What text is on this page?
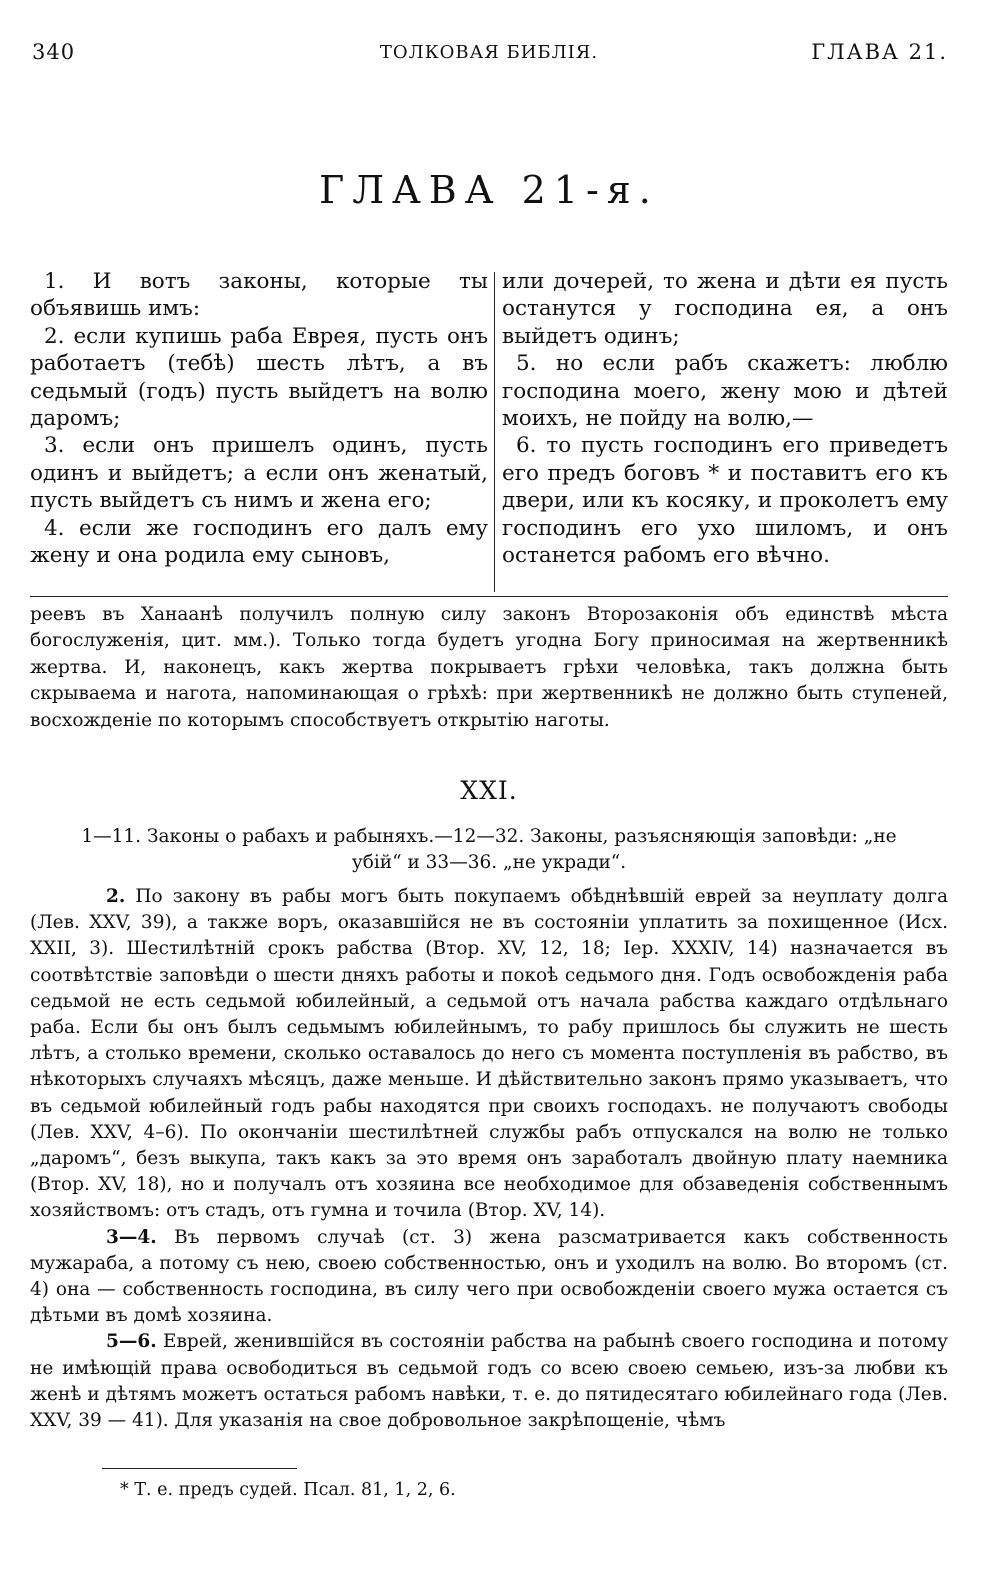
340	ТОЛКОВАЯ БИБЛІЯ.	ГЛАВА 21.
ГЛАВА 21-я.

1. И вотъ законы, которые ты объявишь имъ:

2. если купишь раба Еврея, пусть онъ работаетъ (тебѣ) шесть лѣтъ, а въ седьмый (годъ) пусть выйдетъ на волю даромъ;

3. если онъ пришелъ одинъ, пусть одинъ и выйдетъ; а если онъ женатый, пусть выйдетъ съ нимъ и жена его;

4. если же господинъ его далъ ему жену и она родила ему сыновъ,

или дочерей, то жена и дѣти ея пусть останутся у господина ея, а онъ выйдетъ одинъ;

5. но если рабъ скажетъ: люблю господина моего, жену мою и дѣтей моихъ, не пойду на волю,—

6. то пусть господинъ его приведетъ его предъ боговъ * и поставитъ его къ двери, или къ косяку, и проколетъ ему господинъ его ухо шиломъ, и онъ останется рабомъ его вѣчно.

реевъ въ Ханаанѣ получилъ полную силу законъ Второзаконія объ единствѣ мѣста богослуженія, цит. мм.). Только тогда будетъ угодна Богу приносимая на жертвенникѣ жертва. И, наконецъ, какъ жертва покрываетъ грѣхи человѣка, такъ должна быть скрываема и нагота, напоминающая о грѣхѣ: при жертвенникѣ не должно быть ступеней, восхожденіе по которымъ способствуетъ открытію наготы.

XXI.
1—11. Законы о рабахъ и рабыняхъ.—12—32. Законы, разъясняющія заповѣди: „не
убій“ и 33—36. „не укради“.

2. По закону въ рабы могъ быть покупаемъ обѣднѣвшій еврей за неуплату долга (Лев. XXV, 39), а также воръ, оказавшійся не въ состояніи уплатить за похищенное (Исх. XXII, 3). Шестилѣтній срокъ рабства (Втор. XV, 12, 18; Іер. XXXIV, 14) назначается въ соотвѣтствіе заповѣди о шести дняхъ работы и покоѣ седьмого дня. Годъ освобожденія раба седьмой не есть седьмой юбилейный, а седьмой отъ начала рабства каждаго отдѣльнаго раба. Если бы онъ былъ седьмымъ юбилейнымъ, то рабу пришлось бы служить не шесть лѣтъ, а столько времени, сколько оставалось до него съ момента поступленія въ рабство, въ нѣкоторыхъ случаяхъ мѣсяцъ, даже меньше. И дѣйствительно законъ прямо указываетъ, что въ седьмой юбилейный годъ рабы находятся при своихъ господахъ. не получаютъ свободы (Лев. XXV, 4–6). По окончаніи шестилѣтней службы рабъ отпускался на волю не только „даромъ“, безъ выкупа, такъ какъ за это время онъ заработалъ двойную плату наемника (Втор. XV, 18), но и получалъ отъ хозяина все необходимое для обзаведенія собственнымъ хозяйствомъ: отъ стадъ, отъ гумна и точила (Втор. XV, 14).

3—4. Въ первомъ случаѣ (ст. 3) жена разсматривается какъ собственность мужараба, а потому съ нею, своею собственностью, онъ и уходилъ на волю. Во второмъ (ст. 4) она — собственность господина, въ силу чего при освобожденіи своего мужа остается съ дѣтьми въ домѣ хозяина.

5—6. Еврей, женившійся въ состояніи рабства на рабынѣ своего господина и потому не имѣющій права освободиться въ седьмой годъ со всею своею семьею, изъ-за любви къ женѣ и дѣтямъ можетъ остаться рабомъ навѣки, т. е. до пятидесятаго юбилейнаго года (Лев. XXV, 39 — 41). Для указанія на свое добровольное закрѣпощеніе, чѣмъ

* Т. е. предъ судей. Псал. 81, 1, 2, 6.
